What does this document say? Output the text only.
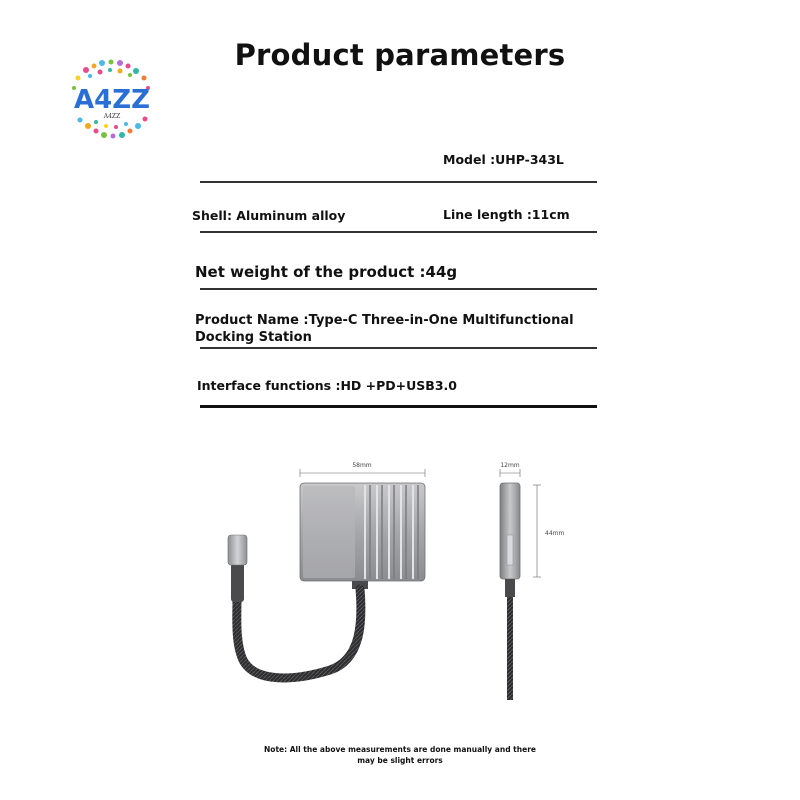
A4ZZ
A4ZZ
Product parameters
Model :UHP-343L
Shell: Aluminum alloy	Line length :11cm
Net weight of the product :44g
Product Name :Type-C Three-in-One Multifunctional
Docking Station
Interface functions :HD +PD+USB3.0
58mm	12mm
44mm
Note: All the above measurements are done manually and there
may be slight errors
